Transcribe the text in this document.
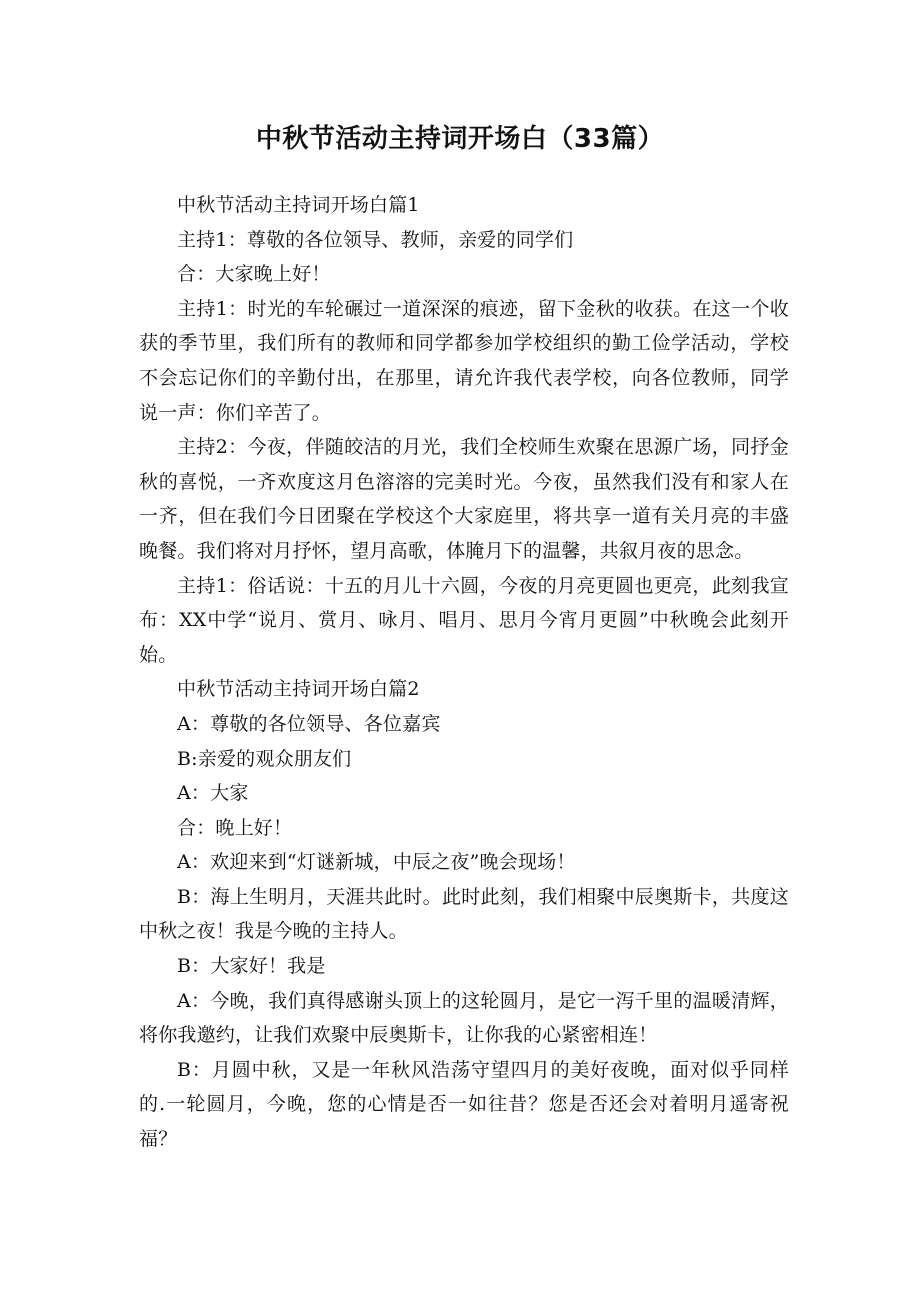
中秋节活动主持词开场白（33篇）

中秋节活动主持词开场白篇1

主持1：尊敬的各位领导、教师，亲爱的同学们

合：大家晚上好！

主持1：时光的车轮碾过一道深深的痕迹，留下金秋的收获。在这一个收获的季节里，我们所有的教师和同学都参加学校组织的勤工俭学活动，学校不会忘记你们的辛勤付出，在那里，请允许我代表学校，向各位教师，同学说一声：你们辛苦了。

主持2：今夜，伴随皎洁的月光，我们全校师生欢聚在思源广场，同抒金秋的喜悦，一齐欢度这月色溶溶的完美时光。今夜，虽然我们没有和家人在一齐，但在我们今日团聚在学校这个大家庭里，将共享一道有关月亮的丰盛晚餐。我们将对月抒怀，望月高歌，体腌月下的温馨，共叙月夜的思念。

主持1：俗话说：十五的月儿十六圆，今夜的月亮更圆也更亮，此刻我宣布：XX中学“说月、赏月、咏月、唱月、思月今宵月更圆”中秋晚会此刻开始。

中秋节活动主持词开场白篇2

A：尊敬的各位领导、各位嘉宾

B:亲爱的观众朋友们

A：大家

合：晚上好！

A：欢迎来到“灯谜新城，中辰之夜”晚会现场！

B：海上生明月，天涯共此时。此时此刻，我们相聚中辰奥斯卡，共度这中秋之夜！我是今晚的主持人。

B：大家好！我是

A：今晚，我们真得感谢头顶上的这轮圆月，是它一泻千里的温暖清辉，将你我邀约，让我们欢聚中辰奥斯卡，让你我的心紧密相连！

B：月圆中秋，又是一年秋风浩荡守望四月的美好夜晚，面对似乎同样的.一轮圆月，今晚，您的心情是否一如往昔？您是否还会对着明月遥寄祝福？
